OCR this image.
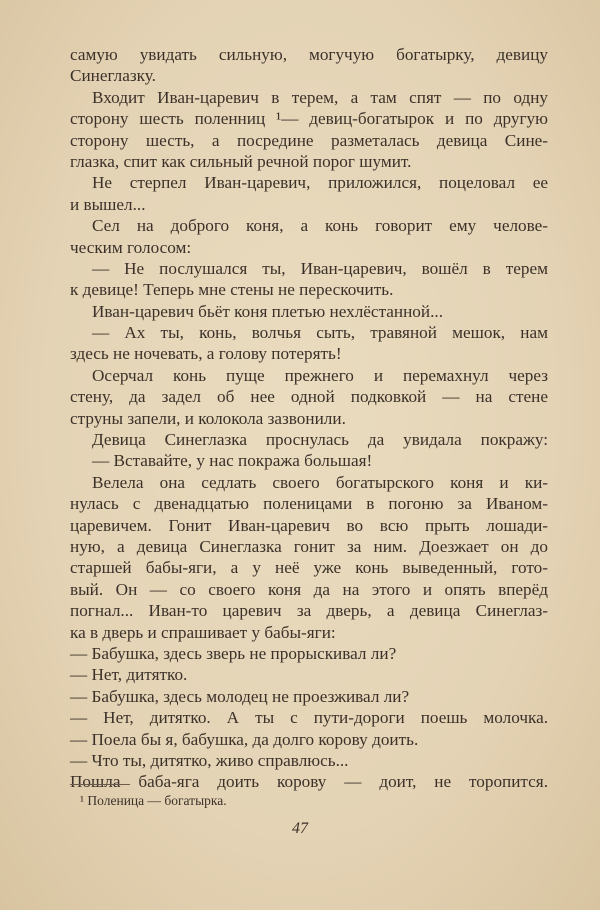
самую увидать сильную, могучую богатырку, девицу
Синеглазку.
Входит Иван-царевич в терем, а там спят — по одну
сторону шесть поленниц ¹— девиц-богатырок и по другую
сторону шесть, а посредине разметалась девица Сине-
глазка, спит как сильный речной порог шумит.
Не стерпел Иван-царевич, приложился, поцеловал ее
и вышел...
Сел на доброго коня, а конь говорит ему челове-
ческим голосом:
— Не послушался ты, Иван-царевич, вошёл в терем
к девице! Теперь мне стены не перескочить.
Иван-царевич бьёт коня плетью нехлёстанной...
— Ах ты, конь, волчья сыть, травяной мешок, нам
здесь не ночевать, а голову потерять!
Осерчал конь пуще прежнего и перемахнул через
стену, да задел об нее одной подковкой — на стене
струны запели, и колокола зазвонили.
Девица Синеглазка проснулась да увидала покражу:
— Вставайте, у нас покража большая!
Велела она седлать своего богатырского коня и ки-
нулась с двенадцатью поленицами в погоню за Иваном-
царевичем. Гонит Иван-царевич во всю прыть лошади-
ную, а девица Синеглазка гонит за ним. Доезжает он до
старшей бабы-яги, а у неё уже конь выведенный, гото-
вый. Он — со своего коня да на этого и опять вперёд
погнал... Иван-то царевич за дверь, а девица Синеглаз-
ка в дверь и спрашивает у бабы-яги:
— Бабушка, здесь зверь не прорыскивал ли?
— Нет, дитятко.
— Бабушка, здесь молодец не проезживал ли?
— Нет, дитятко. А ты с пути-дороги поешь молочка.
— Поела бы я, бабушка, да долго корову доить.
— Что ты, дитятко, живо справлюсь...
Пошла баба-яга доить корову — доит, не торопится.
¹ Поленица — богатырка.
47
